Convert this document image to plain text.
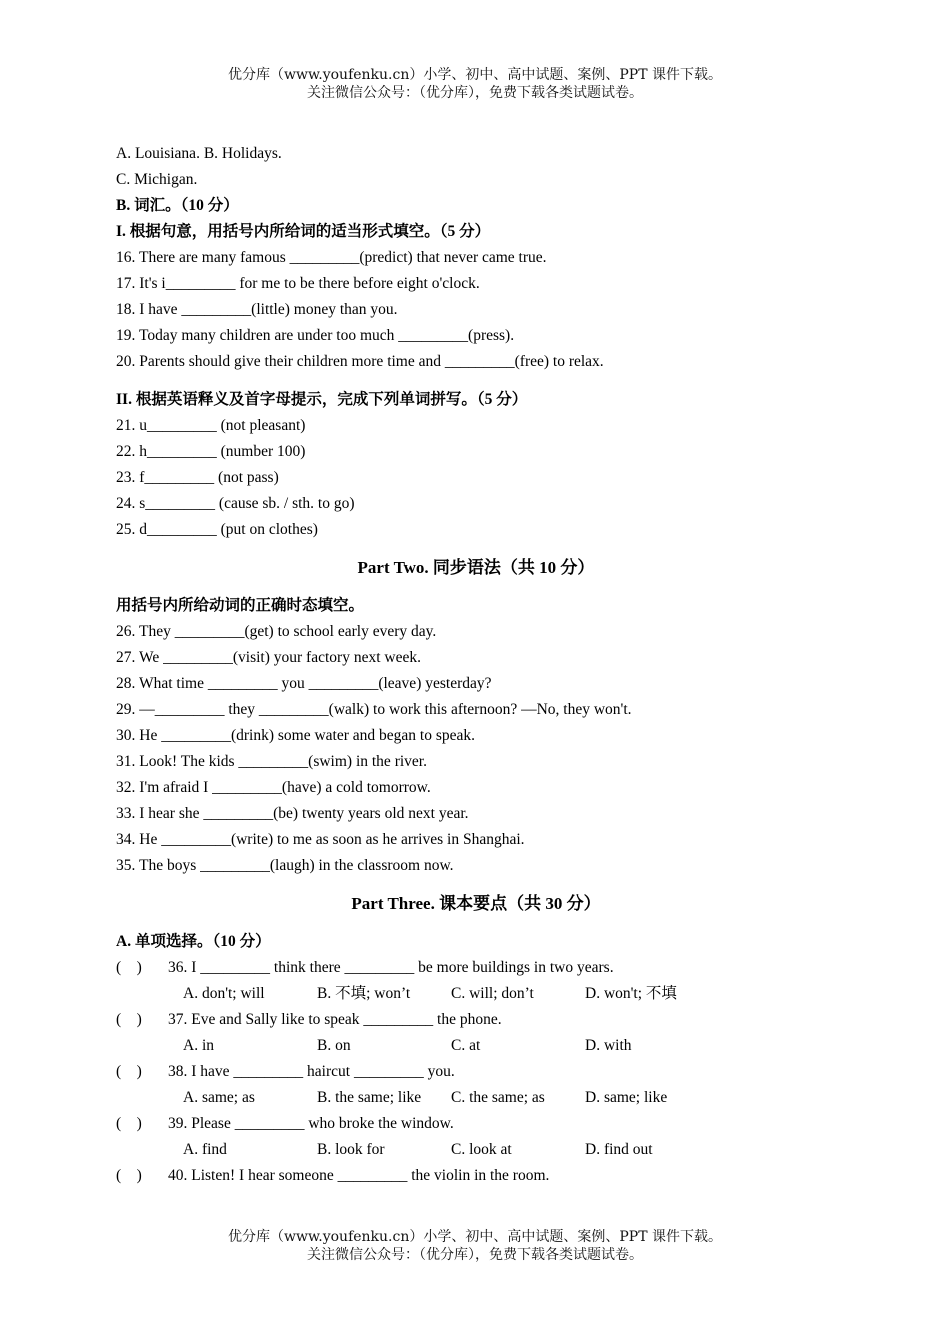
优分库（www.youfenku.cn）小学、初中、高中试题、案例、PPT 课件下载。
关注微信公众号：（优分库），免费下载各类试题试卷。
A. Louisiana. B. Holidays.
C. Michigan.
B. 词汇。（10 分）
I. 根据句意，用括号内所给词的适当形式填空。（5 分）
16. There are many famous _________(predict) that never came true.
17. It's i_________ for me to be there before eight o'clock.
18. I have _________(little) money than you.
19. Today many children are under too much _________(press).
20. Parents should give their children more time and _________(free) to relax.
II. 根据英语释义及首字母提示，完成下列单词拼写。（5 分）
21. u_________ (not pleasant)
22. h_________ (number 100)
23. f_________ (not pass)
24. s_________ (cause sb. / sth. to go)
25. d_________ (put on clothes)
Part Two. 同步语法（共 10 分）
用括号内所给动词的正确时态填空。
26. They _________(get) to school early every day.
27. We _________(visit) your factory next week.
28. What time _________ you _________(leave) yesterday?
29. —_________ they _________(walk) to work this afternoon? —No, they won't.
30. He _________(drink) some water and began to speak.
31. Look! The kids _________(swim) in the river.
32. I'm afraid I _________(have) a cold tomorrow.
33. I hear she _________(be) twenty years old next year.
34. He _________(write) to me as soon as he arrives in Shanghai.
35. The boys _________(laugh) in the classroom now.
Part Three. 课本要点（共 30 分）
A. 单项选择。（10 分）
(　)	36. I _________ think there _________ be more buildings in two years.
A. don't; will	B. 不填; won’t	C. will; don’t	D. won't; 不填
(　)	37. Eve and Sally like to speak _________ the phone.
A. in	B. on	C. at	D. with
(　)	38. I have _________ haircut _________ you.
A. same; as	B. the same; like	C. the same; as	D. same; like
(　)	39. Please _________ who broke the window.
A. find	B. look for	C. look at	D. find out
(　)	40. Listen! I hear someone _________ the violin in the room.
优分库（www.youfenku.cn）小学、初中、高中试题、案例、PPT 课件下载。
关注微信公众号：（优分库），免费下载各类试题试卷。
